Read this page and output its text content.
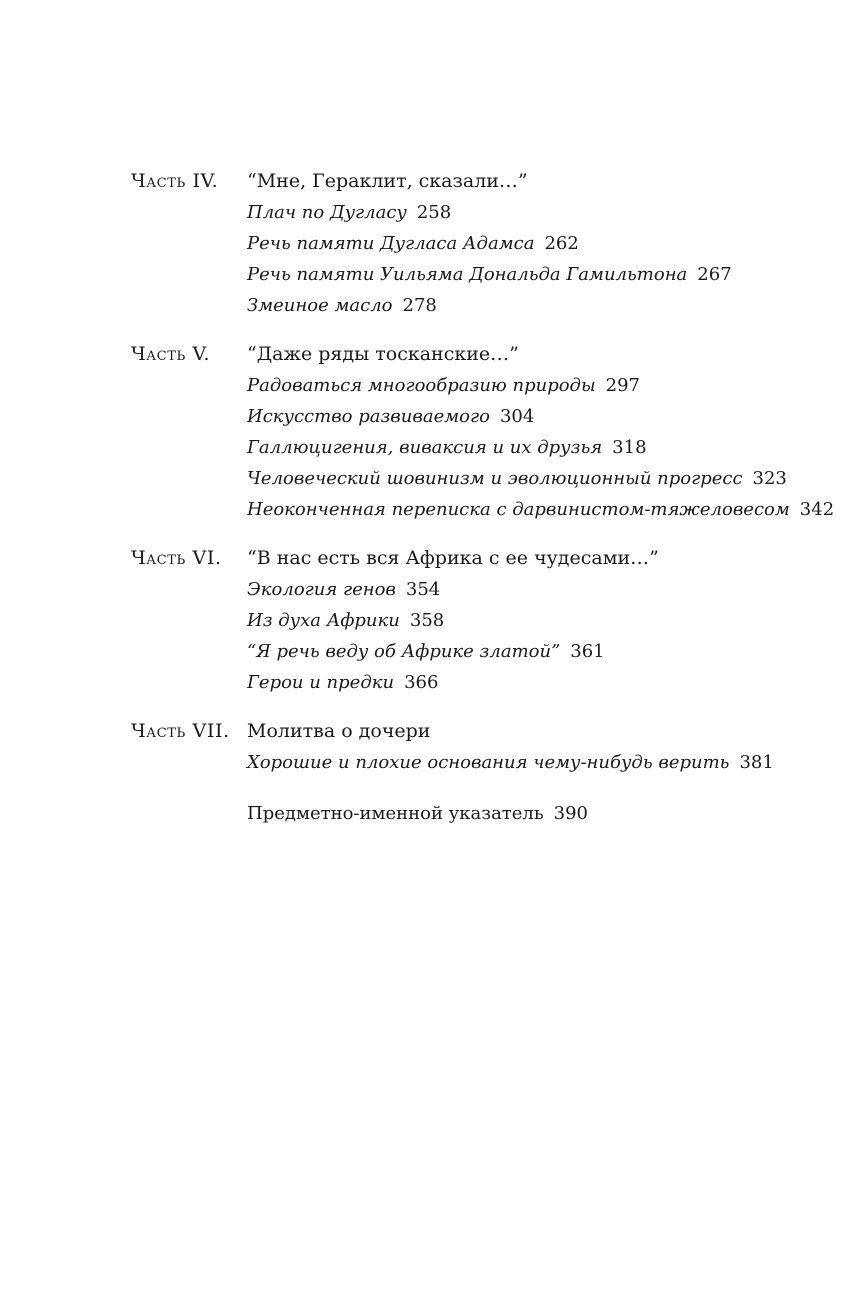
Часть IV.	“Мне, Гераклит, сказали…”
Плач по Дугласу 258
Речь памяти Дугласа Адамса 262
Речь памяти Уильяма Дональда Гамильтона 267
Змеиное масло 278
Часть V.	“Даже ряды тосканские…”
Радоваться многообразию природы 297
Искусство развиваемого 304
Галлюцигения, виваксия и их друзья 318
Человеческий шовинизм и эволюционный прогресс 323
Неоконченная переписка с дарвинистом-тяжеловесом 342
Часть VI.	“В нас есть вся Африка с ее чудесами…”
Экология генов 354
Из духа Африки 358
“Я речь веду об Африке златой” 361
Герои и предки 366
Часть VII. Молитва о дочери
Хорошие и плохие основания чему-нибудь верить 381
Предметно-именной указатель 390
